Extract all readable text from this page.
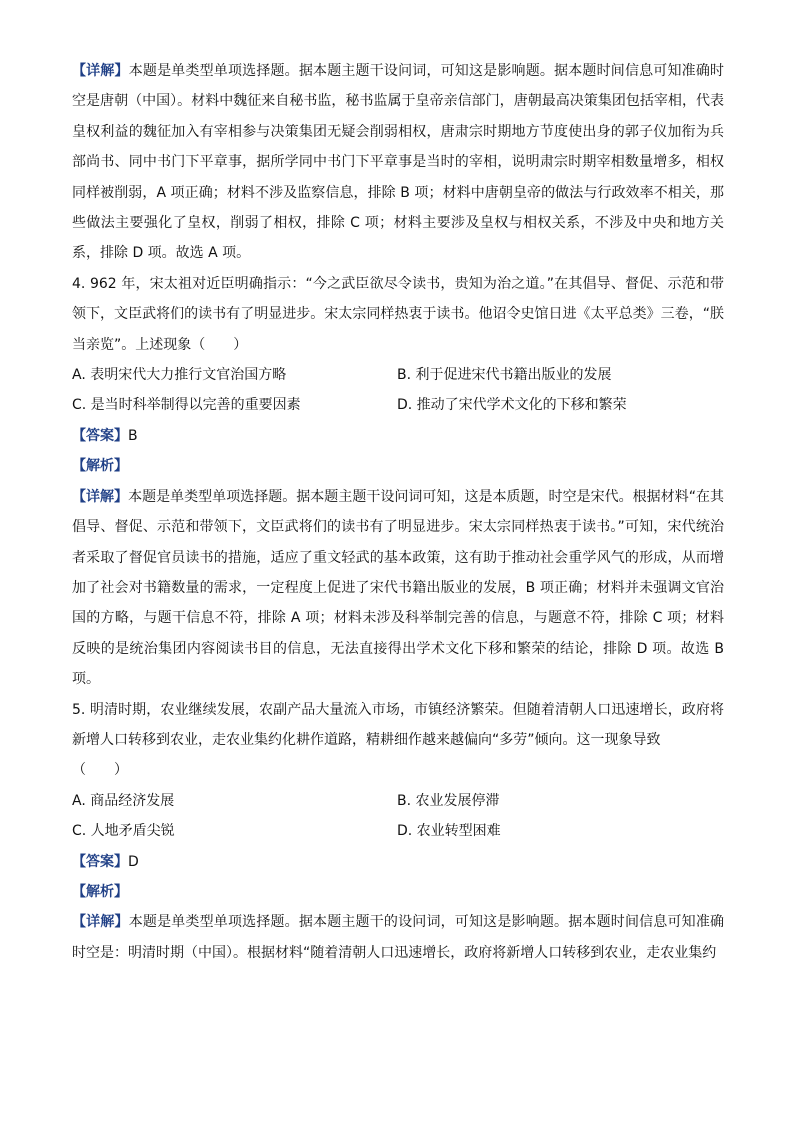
【详解】本题是单类型单项选择题。据本题主题干设问词，可知这是影响题。据本题时间信息可知准确时空是唐朝（中国）。材料中魏征来自秘书监，秘书监属于皇帝亲信部门，唐朝最高决策集团包括宰相，代表皇权利益的魏征加入有宰相参与决策集团无疑会削弱相权，唐肃宗时期地方节度使出身的郭子仪加衔为兵部尚书、同中书门下平章事，据所学同中书门下平章事是当时的宰相，说明肃宗时期宰相数量增多，相权同样被削弱，A 项正确；材料不涉及监察信息，排除 B 项；材料中唐朝皇帝的做法与行政效率不相关，那些做法主要强化了皇权，削弱了相权，排除 C 项；材料主要涉及皇权与相权关系，不涉及中央和地方关系，排除 D 项。故选 A 项。

4. 962 年，宋太祖对近臣明确指示：“今之武臣欲尽令读书，贵知为治之道。”在其倡导、督促、示范和带领下，文臣武将们的读书有了明显进步。宋太宗同样热衷于读书。他诏令史馆日进《太平总类》三卷，“朕当亲览”。上述现象（　　）

A. 表明宋代大力推行文官治国方略	B. 利于促进宋代书籍出版业的发展
C. 是当时科举制得以完善的重要因素	D. 推动了宋代学术文化的下移和繁荣

【答案】B

【解析】

【详解】本题是单类型单项选择题。据本题主题干设问词可知，这是本质题，时空是宋代。根据材料“在其倡导、督促、示范和带领下，文臣武将们的读书有了明显进步。宋太宗同样热衷于读书。”可知，宋代统治者采取了督促官员读书的措施，适应了重文轻武的基本政策，这有助于推动社会重学风气的形成，从而增加了社会对书籍数量的需求，一定程度上促进了宋代书籍出版业的发展，B 项正确；材料并未强调文官治国的方略，与题干信息不符，排除 A 项；材料未涉及科举制完善的信息，与题意不符，排除 C 项；材料反映的是统治集团内容阅读书目的信息，无法直接得出学术文化下移和繁荣的结论，排除 D 项。故选 B 项。

5. 明清时期，农业继续发展，农副产品大量流入市场，市镇经济繁荣。但随着清朝人口迅速增长，政府将新增人口转移到农业，走农业集约化耕作道路，精耕细作越来越偏向“多劳”倾向。这一现象导致

（　　）

A. 商品经济发展	B. 农业发展停滞
C. 人地矛盾尖锐	D. 农业转型困难

【答案】D

【解析】

【详解】本题是单类型单项选择题。据本题主题干的设问词，可知这是影响题。据本题时间信息可知准确时空是：明清时期（中国）。根据材料“随着清朝人口迅速增长，政府将新增人口转移到农业，走农业集约
